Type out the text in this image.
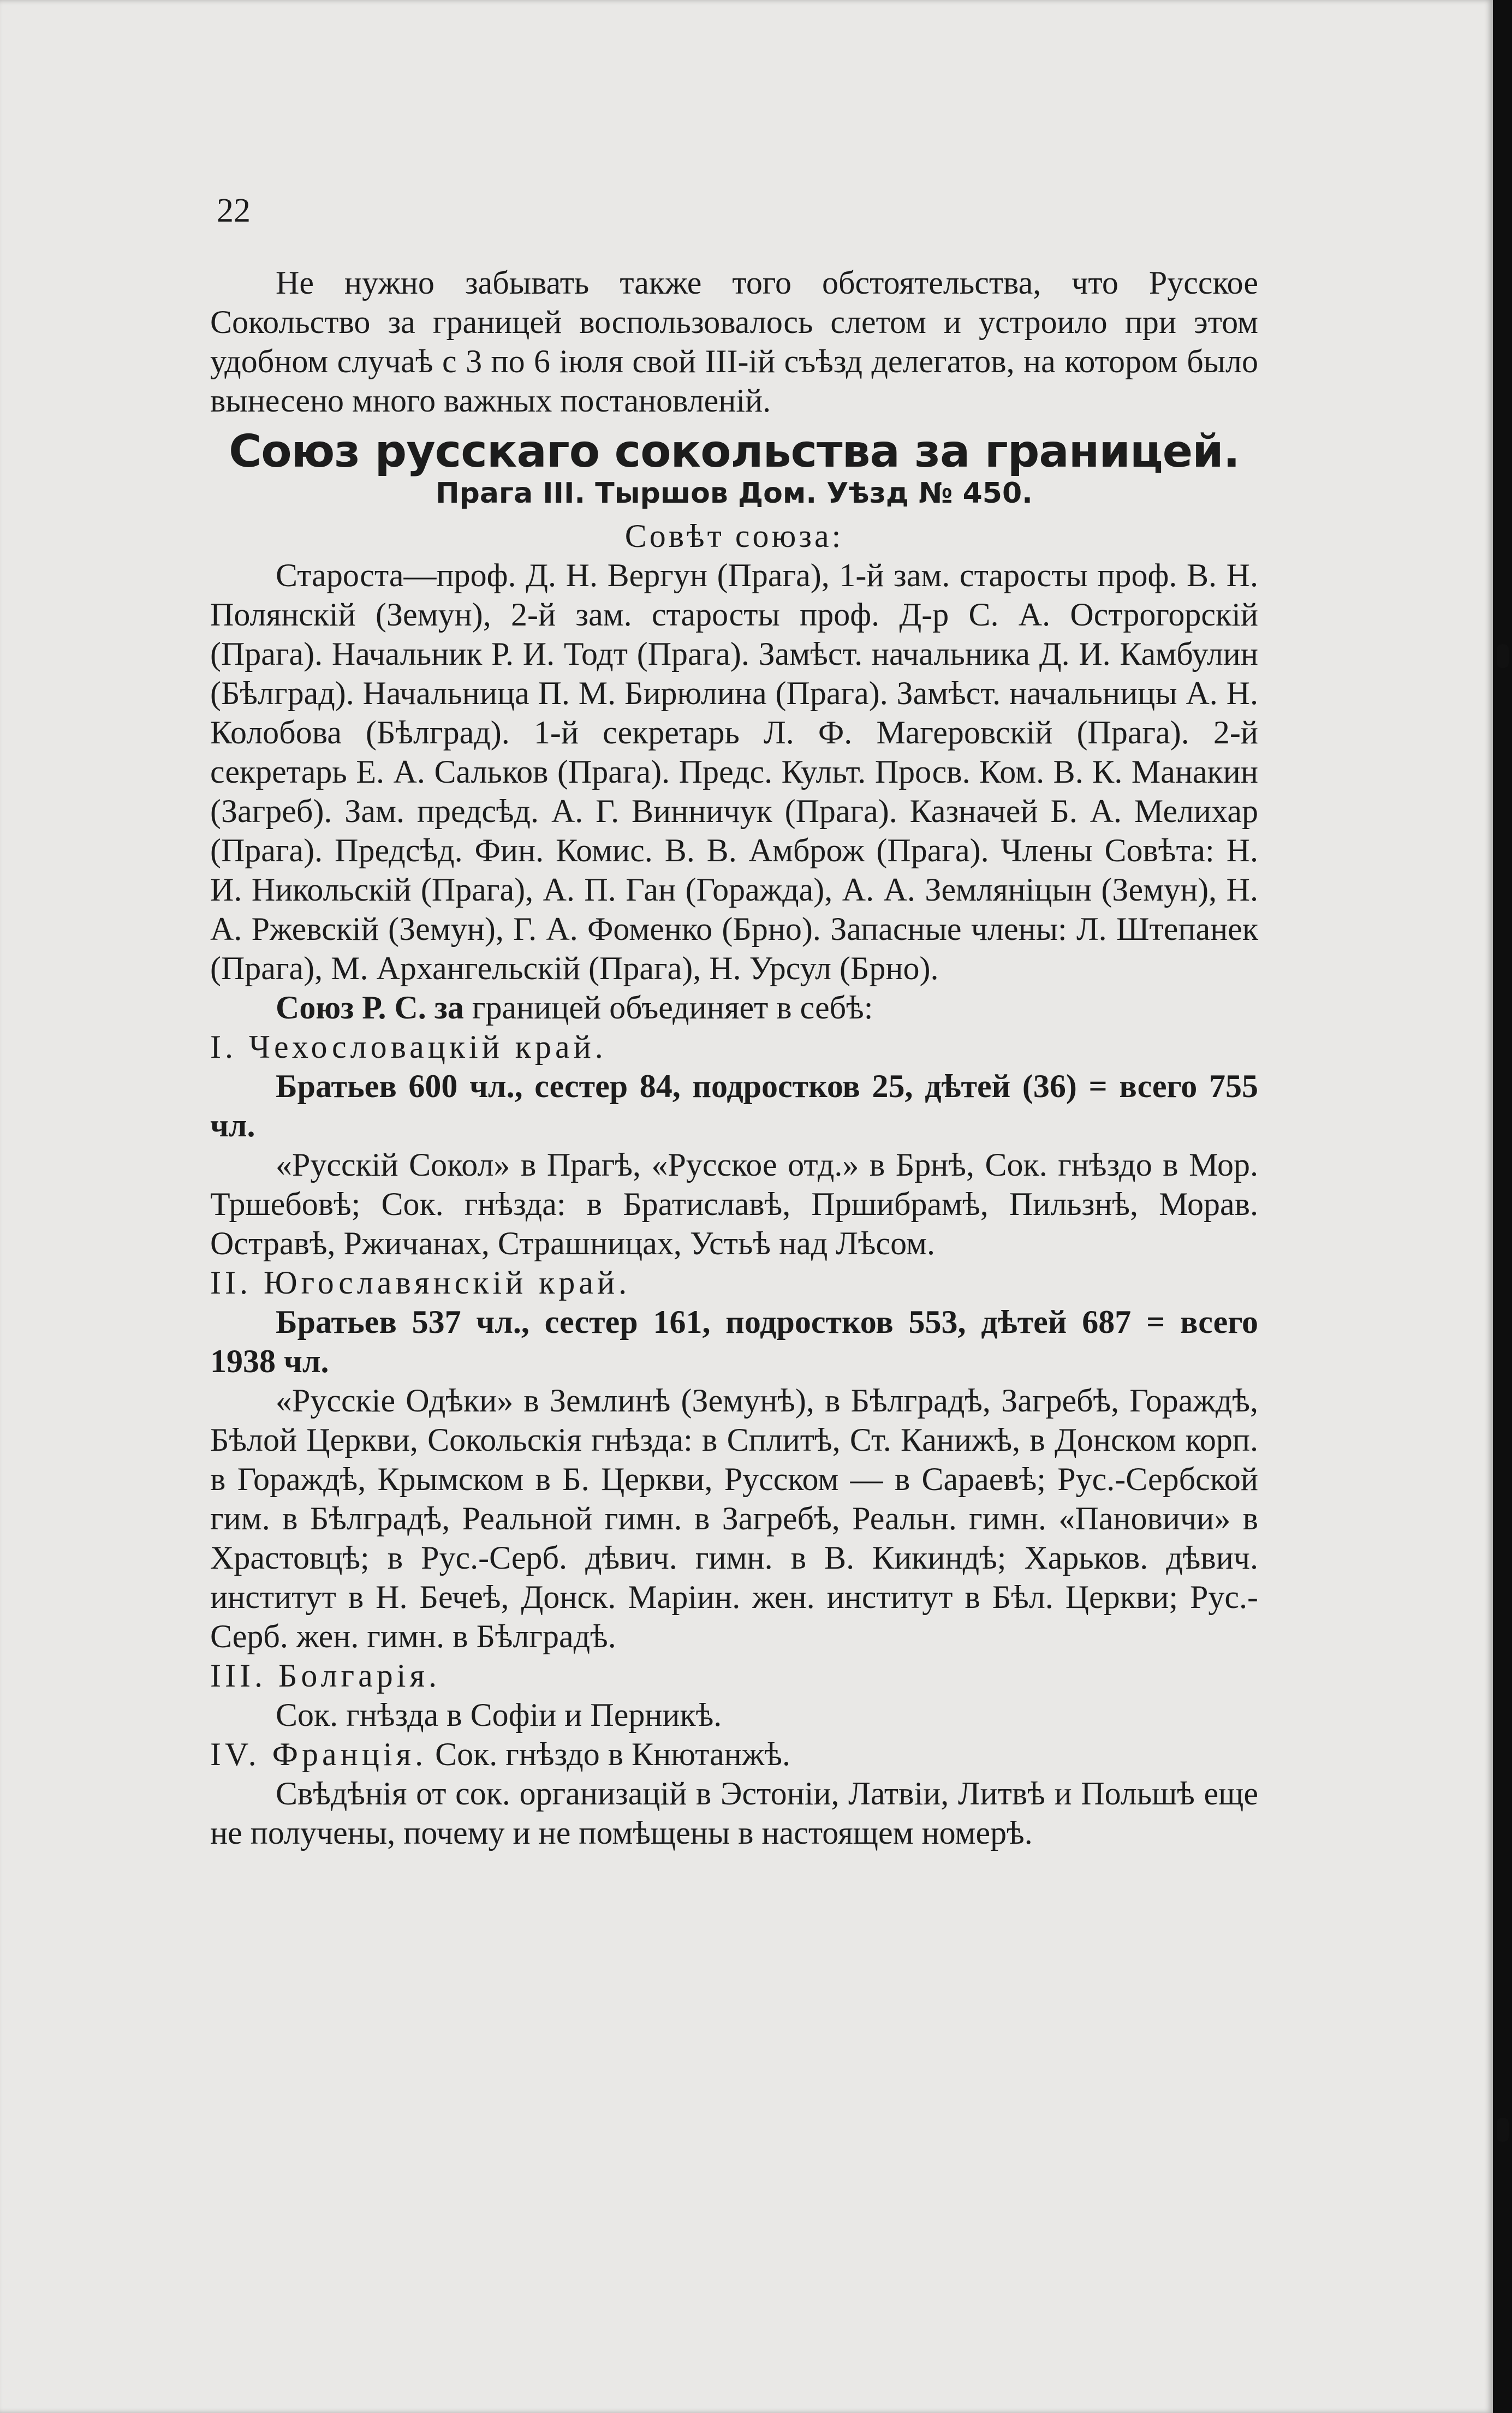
22

Не нужно забывать также того обстоятельства, что Русское Сокольство за границей воспользовалось слетом и устроило при этом удобном случаѣ с 3 по 6 іюля свой III-ій съѣзд делегатов, на котором было вынесено много важных постановленій.

Союз русскаго сокольства за границей.
Прага III. Тыршов Дом. Уѣзд № 450.
Совѣт союза:

Староста—проф. Д. Н. Вергун (Прага), 1-й зам. старосты проф. В. Н. Полянскій (Земун), 2-й зам. старосты проф. Д-р С. А. Острогорскій (Прага). Начальник Р. И. Тодт (Прага). Замѣст. начальника Д. И. Камбулин (Бѣлград). Начальница П. М. Бирюлина (Прага). Замѣст. начальницы А. Н. Колобова (Бѣлград). 1-й секретарь Л. Ф. Магеровскій (Прага). 2-й секретарь Е. А. Сальков (Прага). Предс. Культ. Просв. Ком. В. К. Манакин (Загреб). Зам. предсѣд. А. Г. Винничук (Прага). Казначей Б. А. Мелихар (Прага). Предсѣд. Фин. Комис. В. В. Амброж (Прага). Члены Совѣта: Н. И. Никольскій (Прага), А. П. Ган (Горажда), А. А. Землянiцын (Земун), Н. А. Ржевскій (Земун), Г. А. Фоменко (Брно). Запасные члены: Л. Штепанек (Прага), М. Архангельскій (Прага), Н. Урсул (Брно).

Союз Р. С. за границей объединяет в себѣ:

I. Чехословацкій край.

Братьев 600 чл., сестер 84, подростков 25, дѣтей (36) = всего 755 чл.

«Русскій Сокол» в Прагѣ, «Русское отд.» в Брнѣ, Сок. гнѣздо в Мор. Тршебовѣ; Сок. гнѣзда: в Братиславѣ, Пршибрамѣ, Пильзнѣ, Морав. Остравѣ, Ржичанах, Страшницах, Устьѣ над Лѣсом.

II. Югославянскій край.

Братьев 537 чл., сестер 161, подростков 553, дѣтей 687 = всего 1938 чл.

«Русскіе Одѣки» в Землинѣ (Земунѣ), в Бѣлградѣ, Загребѣ, Гораждѣ, Бѣлой Церкви, Сокольскія гнѣзда: в Сплитѣ, Ст. Канижѣ, в Донском корп. в Гораждѣ, Крымском в Б. Церкви, Русском — в Сараевѣ; Рус.-Сербской гим. в Бѣлградѣ, Реальной гимн. в Загребѣ, Реальн. гимн. «Пановичи» в Храстовцѣ; в Рус.-Серб. дѣвич. гимн. в В. Кикиндѣ; Харьков. дѣвич. институт в Н. Бечеѣ, Донск. Маріин. жен. институт в Бѣл. Церкви; Рус.-Серб. жен. гимн. в Бѣлградѣ.

III. Болгарія.

Сок. гнѣзда в Софіи и Перникѣ.

IV. Франція. Сок. гнѣздо в Кнютанжѣ.

Свѣдѣнія от сок. организацій в Эстоніи, Латвіи, Литвѣ и Польшѣ еще не получены, почему и не помѣщены в настоящем номерѣ.
